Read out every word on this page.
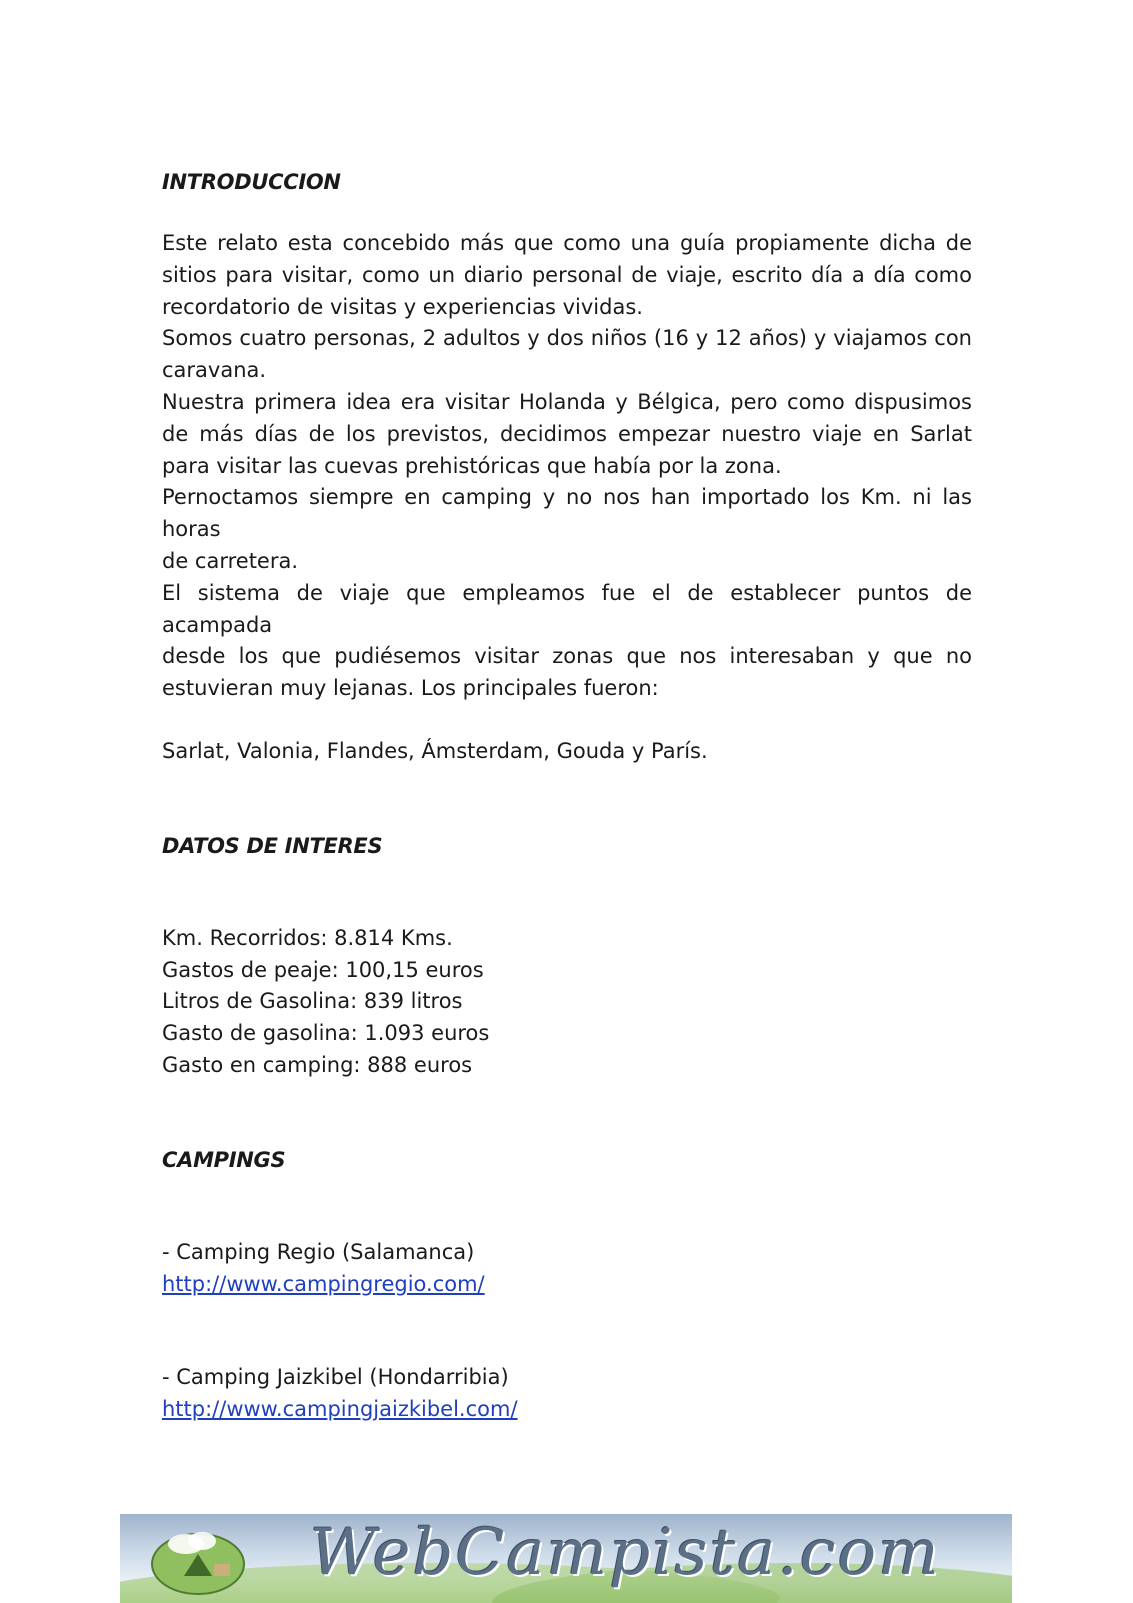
INTRODUCCION
Este relato esta concebido más que como una guía propiamente dicha de
sitios para visitar, como un diario personal de viaje, escrito día a día como
recordatorio de visitas y experiencias vividas.
Somos cuatro personas, 2 adultos y dos niños (16 y 12 años) y viajamos con
caravana.
Nuestra primera idea era visitar Holanda y Bélgica, pero como dispusimos
de más días de los previstos, decidimos empezar nuestro viaje en Sarlat
para visitar las cuevas prehistóricas que había por la zona.
Pernoctamos siempre en camping y no nos han importado los Km. ni las horas
de carretera.
El sistema de viaje que empleamos fue el de establecer puntos de acampada
desde los que pudiésemos visitar zonas que nos interesaban y que no
estuvieran muy lejanas. Los principales fueron:

Sarlat, Valonia, Flandes, Ámsterdam, Gouda y París.

DATOS DE INTERES

Km. Recorridos: 8.814 Kms.

Gastos de peaje: 100,15 euros

Litros de Gasolina: 839 litros

Gasto de gasolina: 1.093 euros

Gasto en camping: 888 euros

CAMPINGS

- Camping Regio (Salamanca)

http://www.campingregio.com/

- Camping Jaizkibel (Hondarribia)

http://www.campingjaizkibel.com/
WebCampista.com
